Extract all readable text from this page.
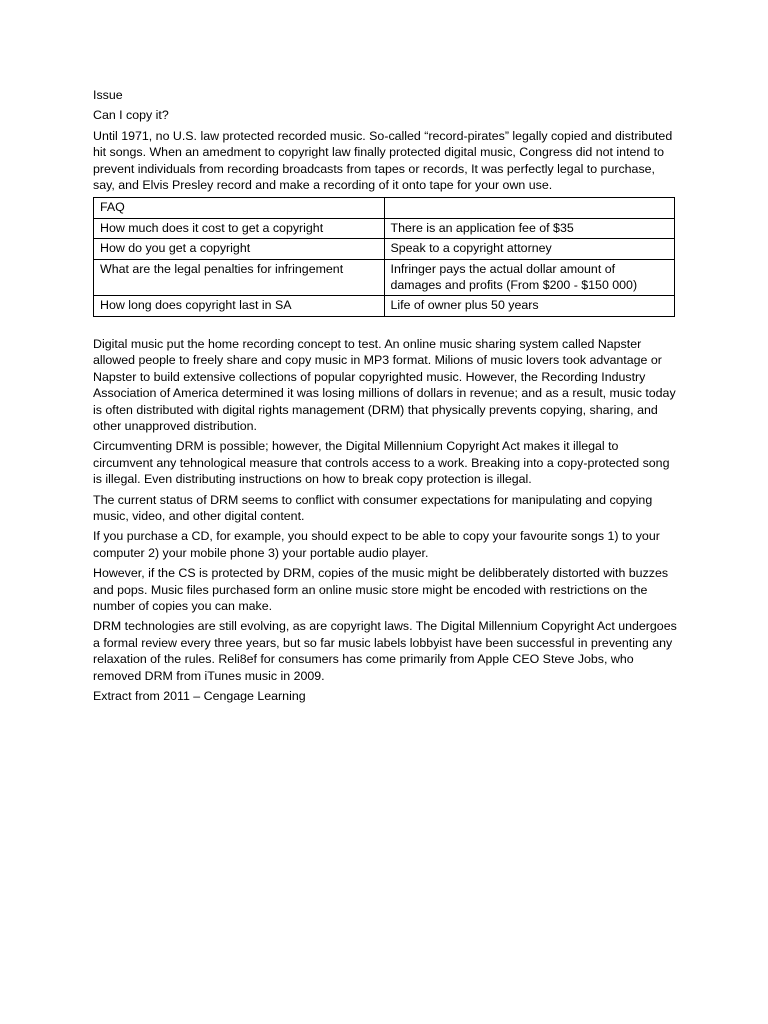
Issue

Can I copy it?

Until 1971, no U.S. law protected recorded music. So-called “record-pirates” legally copied and distributed hit songs. When an amedment to copyright law finally protected digital music, Congress did not intend to prevent individuals from recording broadcasts from tapes or records, It was perfectly legal to purchase, say, and Elvis Presley record and make a recording of it onto tape for your own use.

FAQ	
How much does it cost to get a copyright	There is an application fee of $35
How do you get a copyright	Speak to a copyright attorney
What are the legal penalties for infringement	Infringer pays the actual dollar amount of damages and profits (From $200 - $150 000)
How long does copyright last in SA	Life of owner plus 50 years

Digital music put the home recording concept to test. An online music sharing system called Napster allowed people to freely share and copy music in MP3 format. Milions of music lovers took advantage or Napster to build extensive collections of popular copyrighted music. However, the Recording Industry Association of America determined it was losing millions of dollars in revenue; and as a result, music today is often distributed with digital rights management (DRM) that physically prevents copying, sharing, and other unapproved distribution.

Circumventing DRM is possible; however, the Digital Millennium Copyright Act makes it illegal to circumvent any tehnological measure that controls access to a work. Breaking into a copy-protected song is illegal. Even distributing instructions on how to break copy protection is illegal.

The current status of DRM seems to conflict with consumer expectations for manipulating and copying music, video, and other digital content.

If you purchase a CD, for example, you should expect to be able to copy your favourite songs 1) to your computer 2) your mobile phone 3) your portable audio player.

However, if the CS is protected by DRM, copies of the music might be delibberately distorted with buzzes and pops. Music files purchased form an online music store might be encoded with restrictions on the number of copies you can make.

DRM technologies are still evolving, as are copyright laws. The Digital Millennium Copyright Act undergoes a formal review every three years, but so far music labels lobbyist have been successful in preventing any relaxation of the rules. Reli8ef for consumers has come primarily from Apple CEO Steve Jobs, who removed DRM from iTunes music in 2009.

Extract from 2011 – Cengage Learning
